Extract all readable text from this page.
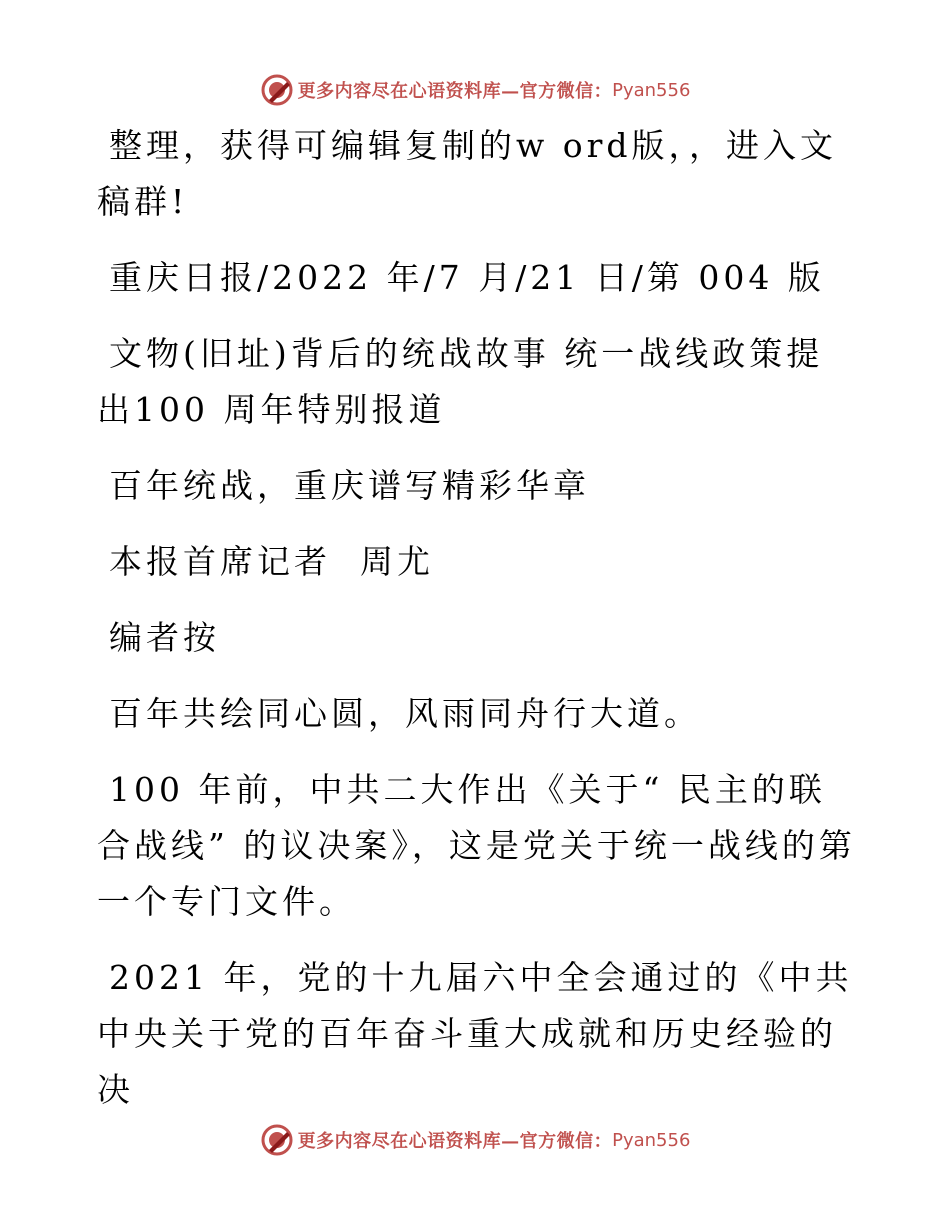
更多内容尽在心语资料库—官方微信： Pyan556

整理，获得可编辑复制的w ord版，，进入文稿群!

重庆日报/2022 年/7 月/21 日/第 004 版

文物(旧址)背后的统战故事 统一战线政策提出100 周年特别报道

百年统战，重庆谱写精彩华章

本报首席记者  周尤

编者按

百年共绘同心圆，风雨同舟行大道。

100 年前，中共二大作出《关于“ 民主的联合战线” 的议决案》，这是党关于统一战线的第一个专门文件。

2021 年，党的十九届六中全会通过的《中共中央关于党的百年奋斗重大成就和历史经验的决

更多内容尽在心语资料库—官方微信： Pyan556
